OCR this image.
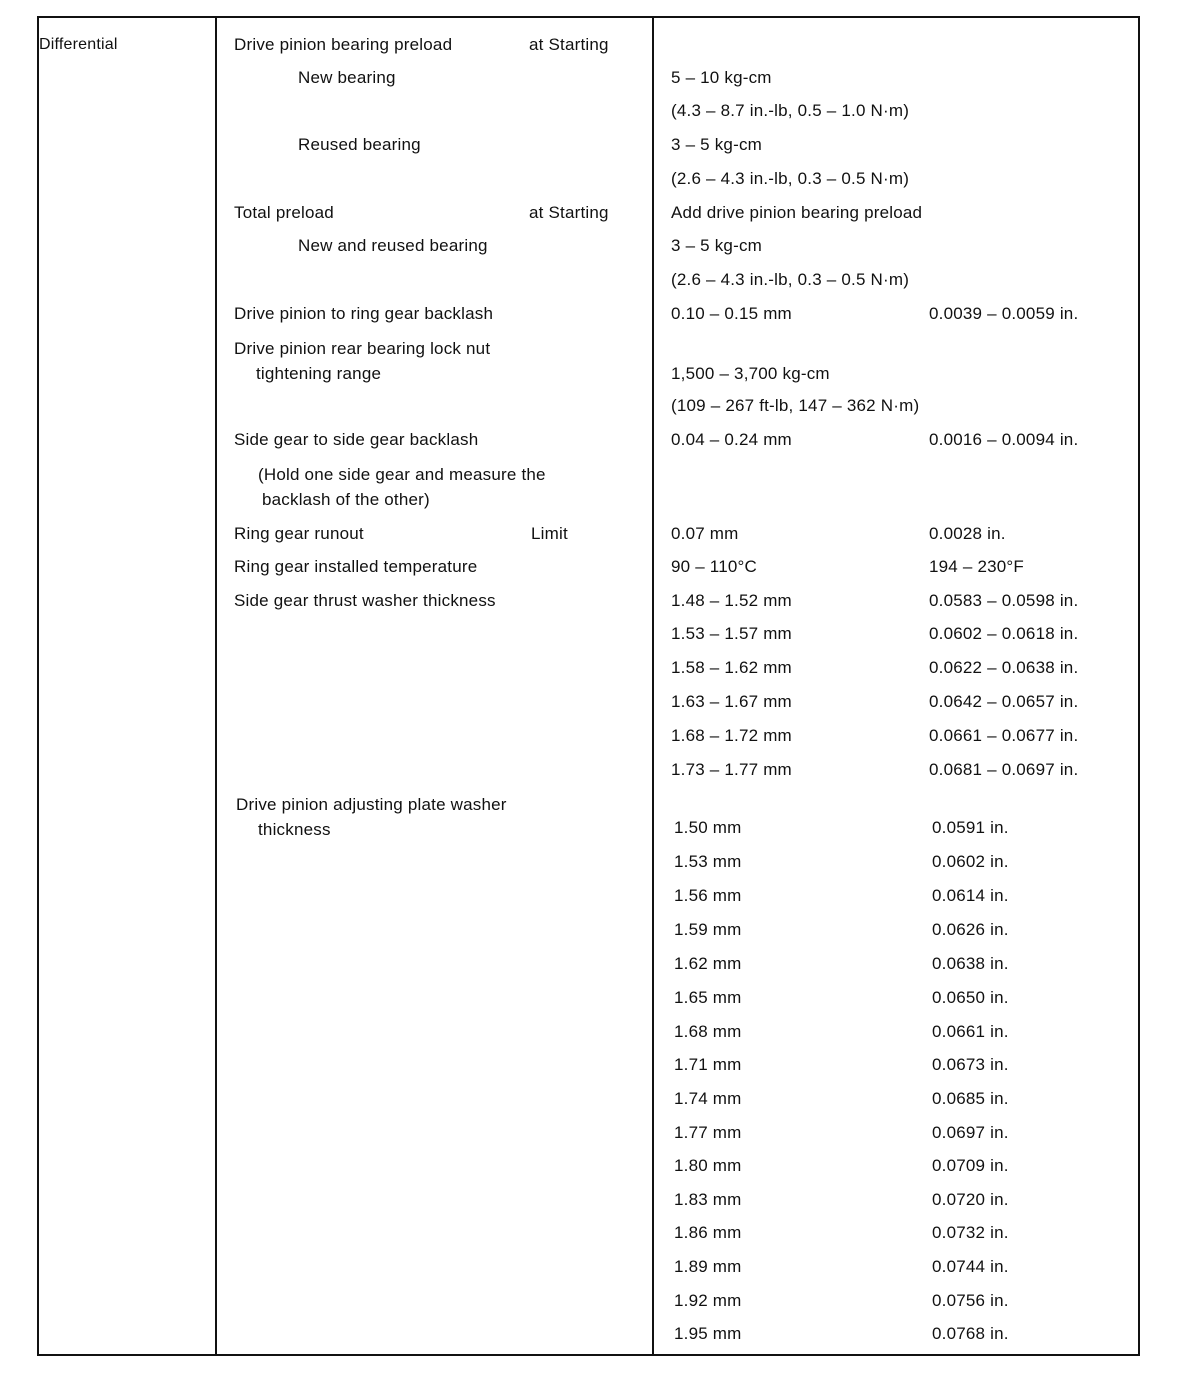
Differential	Drive pinion bearing preload	at Starting
New bearing	5 – 10 kg-cm
(4.3 – 8.7 in.-lb, 0.5 – 1.0 N·m)
Reused bearing	3 – 5 kg-cm
(2.6 – 4.3 in.-lb, 0.3 – 0.5 N·m)
Total preload	at Starting	Add drive pinion bearing preload
New and reused bearing	3 – 5 kg-cm
(2.6 – 4.3 in.-lb, 0.3 – 0.5 N·m)
Drive pinion to ring gear backlash	0.10 – 0.15 mm	0.0039 – 0.0059 in.
Drive pinion rear bearing lock nut
tightening range	1,500 – 3,700 kg-cm
(109 – 267 ft-lb, 147 – 362 N·m)
Side gear to side gear backlash	0.04 – 0.24 mm	0.0016 – 0.0094 in.
(Hold one side gear and measure the
backlash of the other)
Ring gear runout	Limit	0.07 mm	0.0028 in.
Ring gear installed temperature	90 – 110°C	194 – 230°F
Side gear thrust washer thickness	1.48 – 1.52 mm	0.0583 – 0.0598 in.
1.53 – 1.57 mm	0.0602 – 0.0618 in.
1.58 – 1.62 mm	0.0622 – 0.0638 in.
1.63 – 1.67 mm	0.0642 – 0.0657 in.
1.68 – 1.72 mm	0.0661 – 0.0677 in.
1.73 – 1.77 mm	0.0681 – 0.0697 in.
Drive pinion adjusting plate washer
thickness	1.50 mm	0.0591 in.
1.53 mm	0.0602 in.
1.56 mm	0.0614 in.
1.59 mm	0.0626 in.
1.62 mm	0.0638 in.
1.65 mm	0.0650 in.
1.68 mm	0.0661 in.
1.71 mm	0.0673 in.
1.74 mm	0.0685 in.
1.77 mm	0.0697 in.
1.80 mm	0.0709 in.
1.83 mm	0.0720 in.
1.86 mm	0.0732 in.
1.89 mm	0.0744 in.
1.92 mm	0.0756 in.
1.95 mm	0.0768 in.
